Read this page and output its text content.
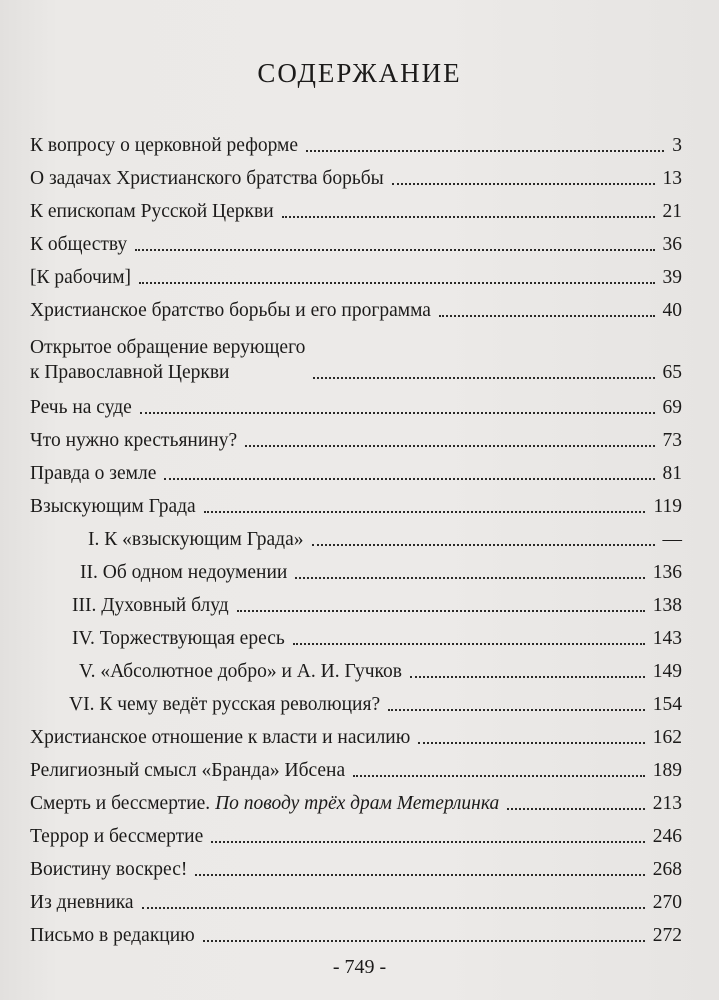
СОДЕРЖАНИЕ
К вопросу о церковной реформе	3
О задачах Христианского братства борьбы	13
К епископам Русской Церкви	21
К обществу	36
[К рабочим]	39
Христианское братство борьбы и его программа	40
Открытое обращение верующего
к Православной Церкви	65
Речь на суде	69
Что нужно крестьянину?	73
Правда о земле	81
Взыскующим Града	119
I. К «взыскующим Града»	—
II. Об одном недоумении	136
III. Духовный блуд	138
IV. Торжествующая ересь	143
V. «Абсолютное добро» и А. И. Гучков	149
VI. К чему ведёт русская революция?	154
Христианское отношение к власти и насилию	162
Религиозный смысл «Бранда» Ибсена	189
Смерть и бессмертие. По поводу трёх драм Метерлинка	213
Террор и бессмертие	246
Воистину воскрес!	268
Из дневника	270
Письмо в редакцию	272
- 749 -
